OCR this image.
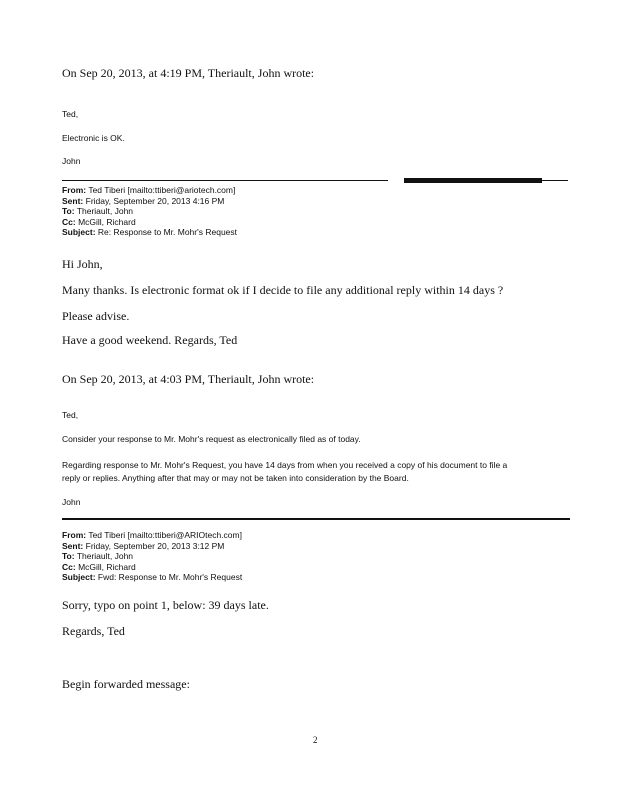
On Sep 20, 2013, at 4:19 PM, Theriault, John wrote:
Ted,
Electronic is OK.
John
From: Ted Tiberi [mailto:ttiberi@ariotech.com]
Sent: Friday, September 20, 2013 4:16 PM
To: Theriault, John
Cc: McGill, Richard
Subject: Re: Response to Mr. Mohr's Request
Hi John,
Many thanks. Is electronic format ok if I decide to file any additional reply within 14 days ?
Please advise.
Have a good weekend. Regards, Ted
On Sep 20, 2013, at 4:03 PM, Theriault, John wrote:
Ted,
Consider your response to Mr. Mohr's request as electronically filed as of today.
Regarding response to Mr. Mohr's Request, you have 14 days from when you received a copy of his document to file a
reply or replies. Anything after that may or may not be taken into consideration by the Board.
John
From: Ted Tiberi [mailto:ttiberi@ARIOtech.com]
Sent: Friday, September 20, 2013 3:12 PM
To: Theriault, John
Cc: McGill, Richard
Subject: Fwd: Response to Mr. Mohr's Request
Sorry, typo on point 1, below: 39 days late.
Regards, Ted
Begin forwarded message:
2
